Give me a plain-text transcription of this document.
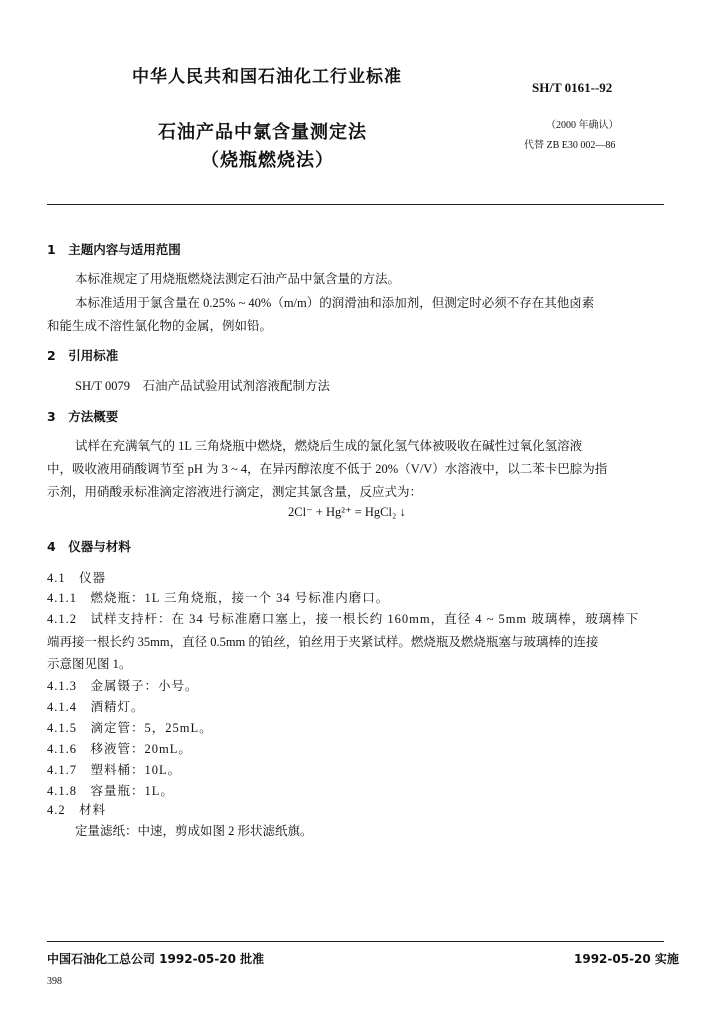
中华人民共和国石油化工行业标准
SH/T 0161--92
石油产品中氯含量测定法
（烧瓶燃烧法）
（2000 年确认）
代替 ZB E30 002—86
1　主题内容与适用范围
本标准规定了用烧瓶燃烧法测定石油产品中氯含量的方法。
本标准适用于氯含量在 0.25% ~ 40%（m/m）的润滑油和添加剂，但测定时必须不存在其他卤素
和能生成不溶性氯化物的金属，例如铅。
2　引用标准
SH/T 0079　石油产品试验用试剂溶液配制方法
3　方法概要
试样在充满氧气的 1L 三角烧瓶中燃烧，燃烧后生成的氯化氢气体被吸收在碱性过氧化氢溶液
中，吸收液用硝酸调节至 pH 为 3 ~ 4，在异丙醇浓度不低于 20%（V/V）水溶液中，以二苯卡巴腙为指
示剂，用硝酸汞标准滴定溶液进行滴定，测定其氯含量，反应式为：
2Cl⁻ + Hg²⁺ = HgCl₂ ↓
4　仪器与材料
4.1　仪器
4.1.1　燃烧瓶：1L 三角烧瓶，接一个 34 号标准内磨口。
4.1.2　试样支持杆：在 34 号标准磨口塞上，接一根长约 160mm，直径 4 ~ 5mm 玻璃棒，玻璃棒下
端再接一根长约 35mm，直径 0.5mm 的铂丝，铂丝用于夹紧试样。燃烧瓶及燃烧瓶塞与玻璃棒的连接
示意图见图 1。
4.1.3　金属镊子：小号。
4.1.4　酒精灯。
4.1.5　滴定管：5，25mL。
4.1.6　移液管：20mL。
4.1.7　塑料桶：10L。
4.1.8　容量瓶：1L。
4.2　材料
定量滤纸：中速，剪成如图 2 形状滤纸旗。
中国石油化工总公司 1992-05-20 批准	1992-05-20 实施
398
